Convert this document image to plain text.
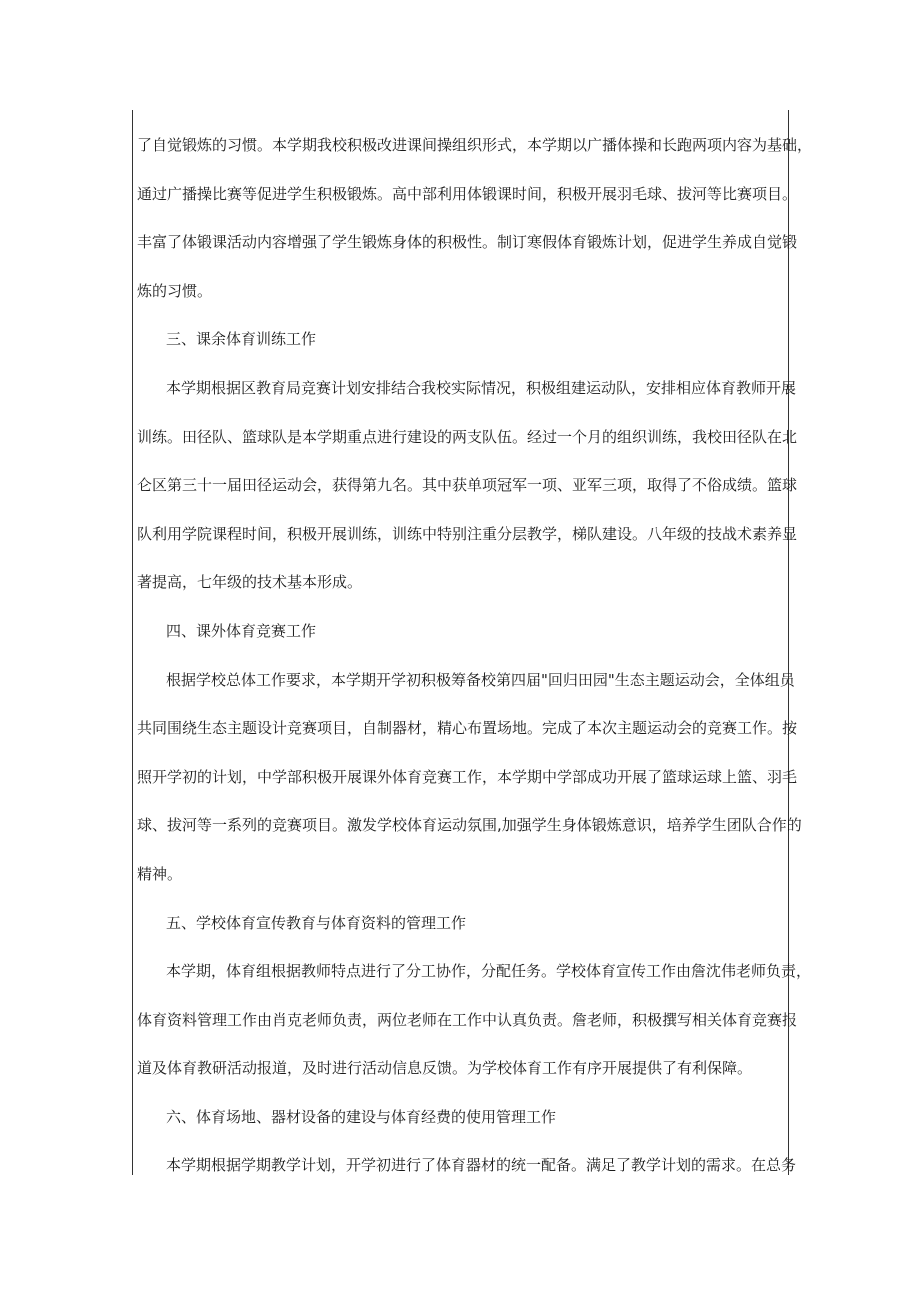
了自觉锻炼的习惯。本学期我校积极改进课间操组织形式，本学期以广播体操和长跑两项内容为基础，
通过广播操比赛等促进学生积极锻炼。高中部利用体锻课时间，积极开展羽毛球、拔河等比赛项目。
丰富了体锻课活动内容增强了学生锻炼身体的积极性。制订寒假体育锻炼计划，促进学生养成自觉锻
炼的习惯。
三、课余体育训练工作
本学期根据区教育局竞赛计划安排结合我校实际情况，积极组建运动队，安排相应体育教师开展
训练。田径队、篮球队是本学期重点进行建设的两支队伍。经过一个月的组织训练，我校田径队在北
仑区第三十一届田径运动会，获得第九名。其中获单项冠军一项、亚军三项，取得了不俗成绩。篮球
队利用学院课程时间，积极开展训练，训练中特别注重分层教学，梯队建设。八年级的技战术素养显
著提高，七年级的技术基本形成。
四、课外体育竞赛工作
根据学校总体工作要求，本学期开学初积极筹备校第四届"回归田园"生态主题运动会，全体组员
共同围绕生态主题设计竞赛项目，自制器材，精心布置场地。完成了本次主题运动会的竞赛工作。按
照开学初的计划，中学部积极开展课外体育竞赛工作，本学期中学部成功开展了篮球运球上篮、羽毛
球、拔河等一系列的竞赛项目。激发学校体育运动氛围,加强学生身体锻炼意识，培养学生团队合作的
精神。
五、学校体育宣传教育与体育资料的管理工作
本学期，体育组根据教师特点进行了分工协作，分配任务。学校体育宣传工作由詹沈伟老师负责，
体育资料管理工作由肖克老师负责，两位老师在工作中认真负责。詹老师，积极撰写相关体育竞赛报
道及体育教研活动报道，及时进行活动信息反馈。为学校体育工作有序开展提供了有利保障。
六、体育场地、器材设备的建设与体育经费的使用管理工作
本学期根据学期教学计划，开学初进行了体育器材的统一配备。满足了教学计划的需求。在总务
